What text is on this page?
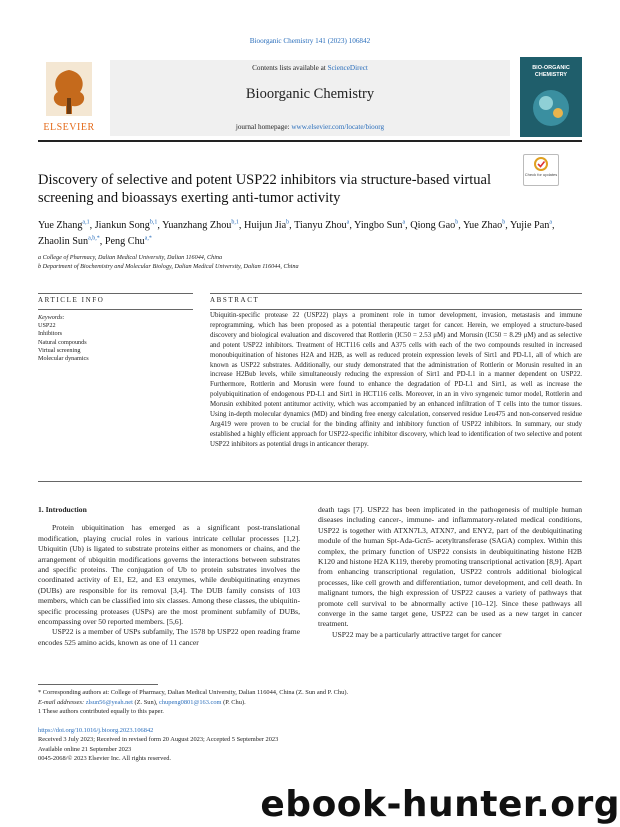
Bioorganic Chemistry 141 (2023) 106842
ELSEVIER
Contents lists available at ScienceDirect
Bioorganic Chemistry
journal homepage: www.elsevier.com/locate/bioorg
BIO-ORGANIC CHEMISTRY
Check for updates
Discovery of selective and potent USP22 inhibitors via structure-based virtual screening and bioassays exerting anti-tumor activity
Yue Zhang$^{a,1}$, Jiankun Song$^{b,1}$, Yuanzhang Zhou$^{b,1}$, Huijun Jia$^b$, Tianyu Zhou$^a$, Yingbo Sun$^a$, Qiong Gao$^b$, Yue Zhao$^b$, Yujie Pan$^a$, Zhaolin Sun$^{a,b,*}$, Peng Chu$^{a,*}$
a College of Pharmacy, Dalian Medical University, Dalian 116044, China
b Department of Biochemistry and Molecular Biology, Dalian Medical University, Dalian 116044, China
ARTICLE INFO	ABSTRACT
Keywords:
USP22
Inhibitors
Natural compounds
Virtual screening
Molecular dynamics
Ubiquitin-specific protease 22 (USP22) plays a prominent role in tumor development, invasion, metastasis and immune reprogramming, which has been proposed as a potential therapeutic target for cancer. Herein, we employed a structure-based discovery and biological evaluation and discovered that Rottlerin (IC50 = 2.53 μM) and Morusin (IC50 = 8.29 μM) and as selective and potent USP22 inhibitors. Treatment of HCT116 cells and A375 cells with each of the two compounds resulted in increased monoubiquitination of histones H2A and H2B, as well as reduced protein expression levels of Sirt1 and PD-L1, all of which are known as USP22 substrates. Additionally, our study demonstrated that the administration of Rottlerin or Morusin resulted in an increase H2Bub levels, while simultaneously reducing the expression of Sirt1 and PD-L1 in a manner dependent on USP22. Furthermore, Rottlerin and Morusin were found to enhance the degradation of PD-L1 and Sirt1, as well as increase the polyubiquitination of endogenous PD-L1 and Sirt1 in HCT116 cells. Moreover, in an in vivo syngeneic tumor model, Rottlerin and Morusin exhibited potent antitumor activity, which was accompanied by an enhanced infiltration of T cells into the tumor tissues. Using in-depth molecular dynamics (MD) and binding free energy calculation, conserved residue Leu475 and non-conserved residue Arg419 were proven to be crucial for the binding affinity and inhibitory function of USP22 inhibitors. In summary, our study established a highly efficient approach for USP22-specific inhibitor discovery, which lead to identification of two selective and potent USP22 inhibitors as potential drugs in anticancer therapy.
1. Introduction

Protein ubiquitination has emerged as a significant post-translational modification, playing crucial roles in various intricate cellular processes [1,2]. Ubiquitin (Ub) is ligated to substrate proteins either as monomers or chains, and the arrangement of ubiquitin modifications governs the interactions between substrates and specific proteins. The conjugation of Ub to protein substrates involves the coordinated activity of E1, E2, and E3 enzymes, while deubiquitinating enzymes (DUBs) are responsible for its removal [3,4]. The DUB family consists of 103 members, which can be classified into six classes. Among these classes, the ubiquitin-specific processing proteases (USPs) are the most prominent subfamily of DUBs, encompassing over 50 reported members. [5,6].

USP22 is a member of USPs subfamily, The 1578 bp USP22 open reading frame encodes 525 amino acids, known as one of 11 cancer

death tags [7]. USP22 has been implicated in the pathogenesis of multiple human diseases including cancer-, immune- and inflammatory-related medical conditions, USP22 is together with ATXN7L3, ATXN7, and ENY2, part of the deubiquitinating module of the human Spt-Ada-Gcn5- acetyltransferase (SAGA) complex. Within this complex, the primary function of USP22 consists in deubiquitinating histone H2B K120 and histone H2A K119, thereby promoting transcriptional activation [8,9]. Apart from enhancing transcriptional regulation, USP22 controls additional biological processes, like cell growth and differentiation, tumor development, and cell death. In malignant tumors, the high expression of USP22 causes a variety of pathways that promote cell survival to be abnormally active [10–12]. Since these pathways all converge in the same target gene, USP22 can be used as a new target in cancer treatment.

USP22 may be a particularly attractive target for cancer

* Corresponding authors at: College of Pharmacy, Dalian Medical University, Dalian 116044, China (Z. Sun and P. Chu).
E-mail addresses: zlsun56@yeah.net (Z. Sun), chupeng0801@163.com (P. Chu).
1 These authors contributed equally to this paper.
https://doi.org/10.1016/j.bioorg.2023.106842
Received 3 July 2023; Received in revised form 20 August 2023; Accepted 5 September 2023
Available online 21 September 2023
0045-2068/© 2023 Elsevier Inc. All rights reserved.
ebook-hunter.org
